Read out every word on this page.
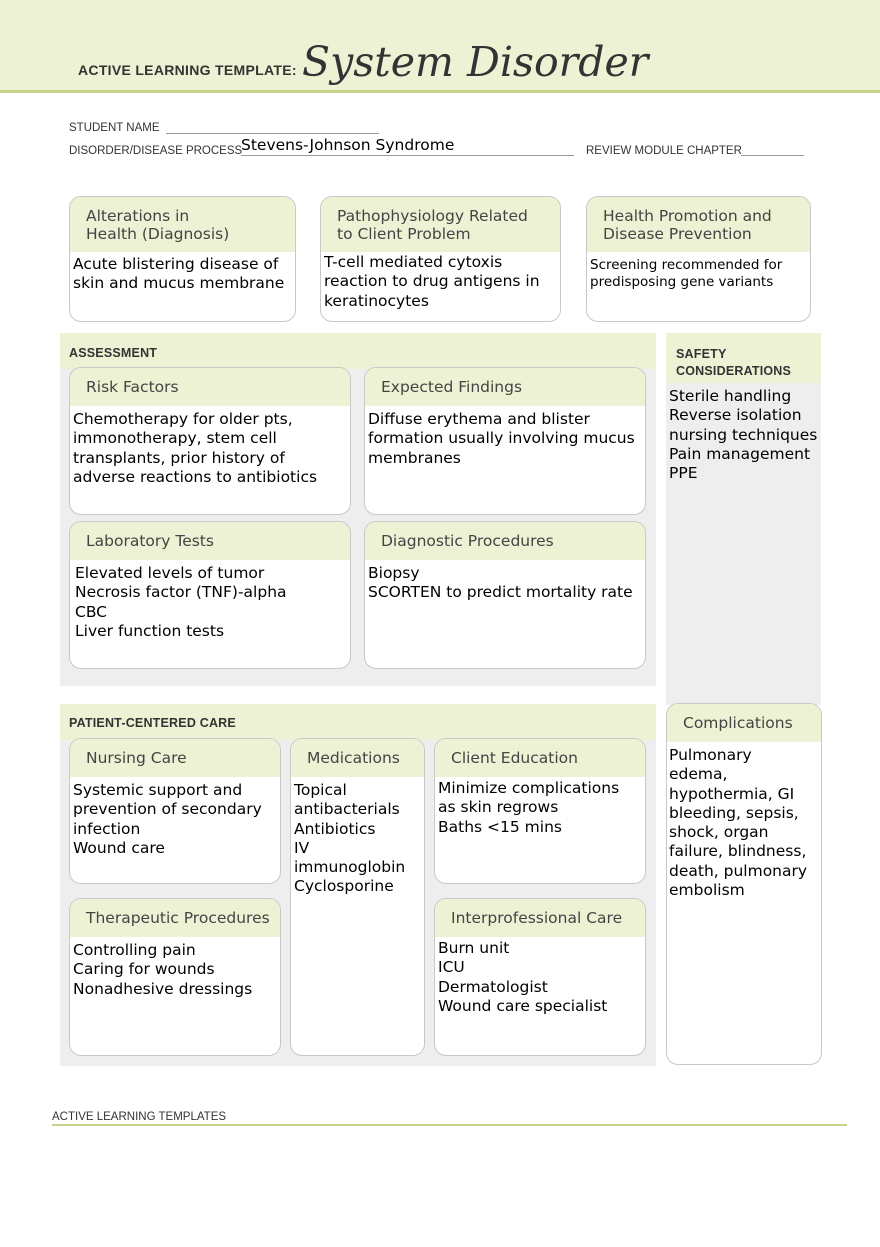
ACTIVE LEARNING TEMPLATE: System Disorder
STUDENT NAME
DISORDER/DISEASE PROCESS
Stevens-Johnson Syndrome	REVIEW MODULE CHAPTER
Alterations in
Health (Diagnosis)
Acute blistering disease of
skin and mucus membrane
Pathophysiology Related
to Client Problem
T-cell mediated cytoxis
reaction to drug antigens in
keratinocytes
Health Promotion and
Disease Prevention
Screening recommended for
predisposing gene variants
ASSESSMENT
Risk Factors
Chemotherapy for older pts,
immonotherapy, stem cell
transplants, prior history of
adverse reactions to antibiotics
Expected Findings
Diffuse erythema and blister
formation usually involving mucus
membranes
Laboratory Tests
Elevated levels of tumor
Necrosis factor (TNF)-alpha
CBC
Liver function tests
Diagnostic Procedures
Biopsy
SCORTEN to predict mortality rate
SAFETY
CONSIDERATIONS
Sterile handling
Reverse isolation
nursing techniques
Pain management
PPE
PATIENT-CENTERED CARE
Nursing Care
Systemic support and
prevention of secondary
infection
Wound care
Medications
Topical
antibacterials
Antibiotics
IV
immunoglobin
Cyclosporine
Client Education
Minimize complications
as skin regrows
Baths <15 mins
Therapeutic Procedures
Controlling pain
Caring for wounds
Nonadhesive dressings
Interprofessional Care
Burn unit
ICU
Dermatologist
Wound care specialist
Complications
Pulmonary
edema,
hypothermia, GI
bleeding, sepsis,
shock, organ
failure, blindness,
death, pulmonary
embolism
ACTIVE LEARNING TEMPLATES
